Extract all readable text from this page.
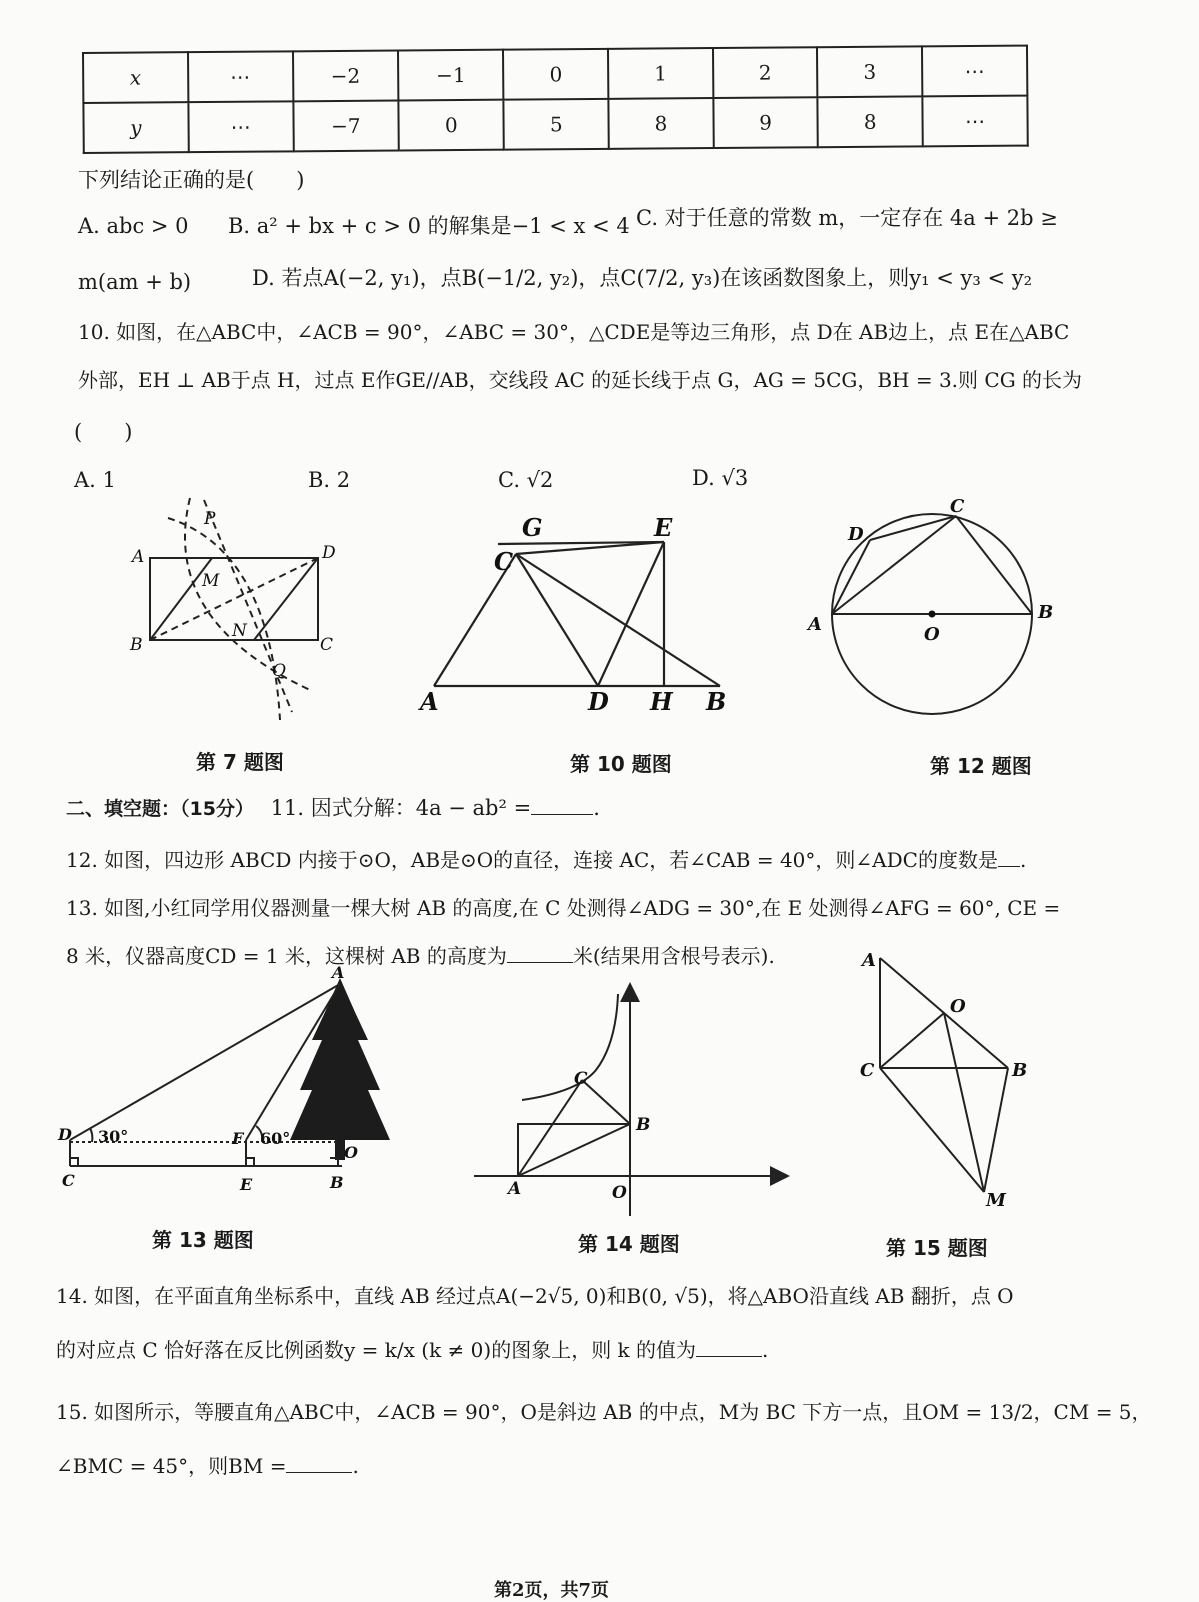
x	⋯	−2	−1	0	1	2	3	⋯
y	⋯	−7	0	5	8	9	8	⋯
下列结论正确的是(　　)
A. abc > 0 B. a² + bx + c > 0 的解集是−1 < x < 4 C. 对于任意的常数 m，一定存在 4a + 2b ≥
m(am + b)	D. 若点A(−2, y₁)，点B(−1/2, y₂)，点C(7/2, y₃)在该函数图象上，则y₁ < y₃ < y₂
10. 如图，在△ABC中，∠ACB = 90°，∠ABC = 30°，△CDE是等边三角形，点 D在 AB边上，点 E在△ABC
外部，EH ⊥ AB于点 H，过点 E作GE//AB，交线段 AC 的延长线于点 G，AG = 5CG，BH = 3.则 CG 的长为
(　　)
A. 1	B. 2	C. √2	D. √3
P
A	D
M
B
N
C
Q
第 7 题图
G	E
C
A	D H B
第 10 题图
C
D
A	O
B
第 12 题图
二、填空题：（15分） 11. 因式分解：4a − ab² =	.
12. 如图，四边形 ABCD 内接于⊙O，AB是⊙O的直径，连接 AC，若∠CAB = 40°，则∠ADC的度数是 .
13. 如图,小红同学用仪器测量一棵大树 AB 的高度,在 C 处测得∠ADG = 30°,在 E 处测得∠AFG = 60°, CE =
8 米，仪器高度CD = 1 米，这棵树 AB 的高度为	米(结果用含根号表示).
A
D 30°	F 60°
O
C	E	B
第 13 题图
C
B
A	O
第 14 题图
A
O
C	B
M
第 15 题图
14. 如图，在平面直角坐标系中，直线 AB 经过点A(−2√5, 0)和B(0, √5)，将△ABO沿直线 AB 翻折，点 O
的对应点 C 恰好落在反比例函数y = k/x (k ≠ 0)的图象上，则 k 的值为	.
15. 如图所示，等腰直角△ABC中，∠ACB = 90°，O是斜边 AB 的中点，M为 BC 下方一点，且OM = 13/2，CM = 5，
∠BMC = 45°，则BM =	.
第2页，共7页
